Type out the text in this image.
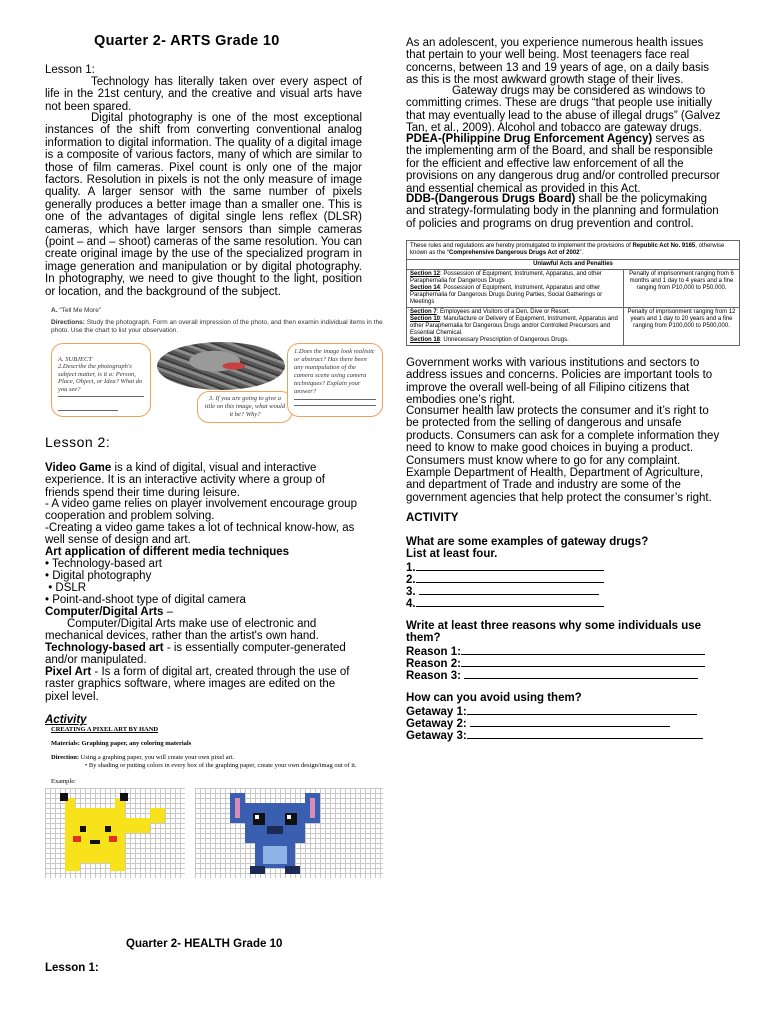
Quarter 2- ARTS Grade 10

Lesson 1:

Technology has literally taken over every aspect of life in the 21st century, and the creative and visual arts have not been spared.

Digital photography is one of the most exceptional instances of the shift from converting conventional analog information to digital information. The quality of a digital image is a composite of various factors, many of which are similar to those of film cameras. Pixel count is only one of the major factors. Resolution in pixels is not the only measure of image quality. A larger sensor with the same number of pixels generally produces a better image than a smaller one. This is one of the advantages of digital single lens reflex (DLSR) cameras, which have larger sensors than simple cameras (point – and – shoot) cameras of the same resolution. You can create original image by the use of the specialized program in image generation and manipulation or by digital photography. In photography, we need to give thought to the light, position or location, and the background of the subject.

A. "Tell Me More"
Directions: Study the photograph. Form an overall impression of the photo, and then examin individual items in the photo. Use the chart to list your observation.

A. SUBJECT
2.Describe the photograph's subject matter, is it a: Person, Place, Object, or Idea? What do you see?

3. If you are going to give a title on this image, what would it be? Why?
1.Does the image look realistic or abstract? Has there been any manipulation of the camera scene using camera techniques? Explain your answer?
Lesson 2:

Video Game is a kind of digital, visual and interactive experience. It is an interactive activity where a group of friends spend their time during leisure.

- A video game relies on player involvement encourage group cooperation and problem solving.

-Creating a video game takes a lot of technical know-how, as well sense of design and art.

Art application of different media techniques

• Technology-based art

• Digital photography

• DSLR

• Point-and-shoot type of digital camera

Computer/Digital Arts –

Computer/Digital Arts make use of electronic and mechanical devices, rather than the artist's own hand.

Technology-based art - is essentially computer-generated and/or manipulated.

Pixel Art - Is a form of digital art, created through the use of raster graphics software, where images are edited on the pixel level.

Activity

CREATING A PIXEL ART BY HAND
Materials: Graphing paper, any coloring materials
Direction: Using a graphing paper, you will create your own pixel art.
• By shading or putting colors in every box of the graphing paper, create your own design/imag out of it.
Example:
Quarter 2- HEALTH Grade 10
Lesson 1:

As an adolescent, you experience numerous health issues that pertain to your well being. Most teenagers face real concerns, between 13 and 19 years of age, on a daily basis as this is the most awkward growth stage of their lives.

Gateway drugs may be considered as windows to committing crimes. These are drugs “that people use initially that may eventually lead to the abuse of illegal drugs” (Galvez Tan, et al., 2009). Alcohol and tobacco are gateway drugs.

PDEA-(Philippine Drug Enforcement Agency) serves as the implementing arm of the Board, and shall be responsible for the efficient and effective law enforcement of all the provisions on any dangerous drug and/or controlled precursor and essential chemical as provided in this Act.

DDB-(Dangerous Drugs Board) shall be the policymaking and strategy-formulating body in the planning and formulation of policies and programs on drug prevention and control.

These rules and regulations are hereby promulgated to implement the provisions of Republic Act No. 9165, otherwise known as the “Comprehensive Dangerous Drugs Act of 2002”.	
Unlawful Acts and Penalties	
Section 12: Possession of Equipment, Instrument, Apparatus, and other Paraphernalia for Dangerous Drugs
Section 14: Possession of Equipment, Instrument, Apparatus and other Paraphernalia for Dangerous Drugs During Parties, Social Gatherings or Meetings	Penalty of imprisonment ranging from 6 months and 1 day to 4 years and a fine ranging from P10,000 to P50,000.
Section 7: Employees and Visitors of a Den, Dive or Resort.
Section 10: Manufacture or Delivery of Equipment, Instrument, Apparatus and other Paraphernalia for Dangerous Drugs and/or Controlled Precursors and Essential Chemical.
Section 18: Unnecessary Prescription of Dangerous Drugs.	Penalty of imprisonment ranging from 12 years and 1 day to 20 years and a fine ranging from P100,000 to P500,000.

Government works with various institutions and sectors to address issues and concerns. Policies are important tools to improve the overall well-being of all Filipino citizens that embodies one’s right.

Consumer health law protects the consumer and it’s right to be protected from the selling of dangerous and unsafe products. Consumers can ask for a complete information they need to know to make good choices in buying a product. Consumers must know where to go for any complaint. Example Department of Health, Department of Agriculture, and department of Trade and industry are some of the government agencies that help protect the consumer’s right.

ACTIVITY

What are some examples of gateway drugs?

List at least four.

1.

2.

3.

4.

Write at least three reasons why some individuals use them?

Reason 1:

Reason 2:

Reason 3:

How can you avoid using them?

Getaway 1:

Getaway 2:

Getaway 3:
